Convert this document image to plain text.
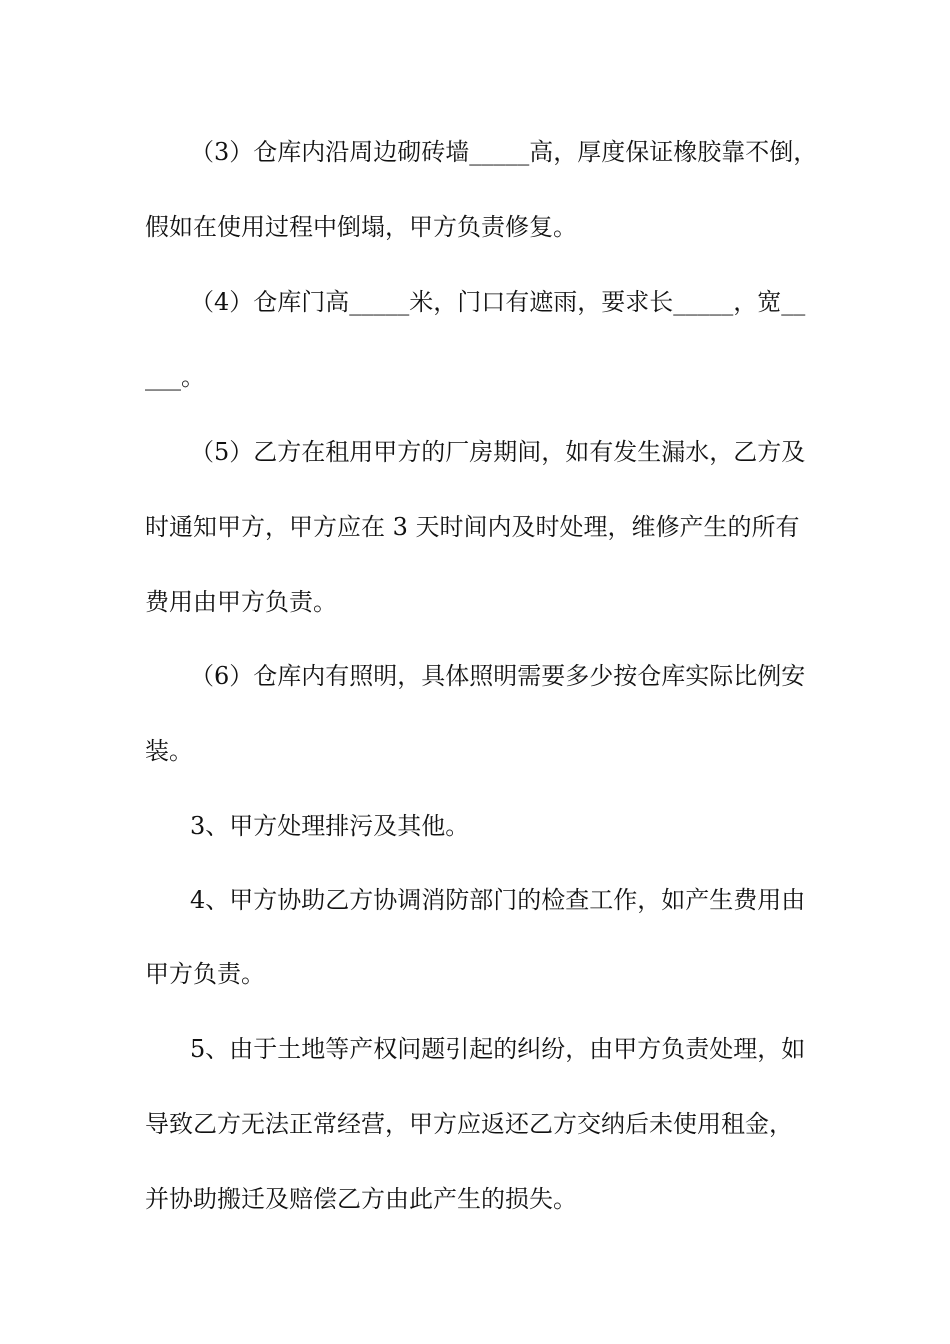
（3）仓库内沿周边砌砖墙_____高，厚度保证橡胶靠不倒，
假如在使用过程中倒塌，甲方负责修复。
（4）仓库门高_____米，门口有遮雨，要求长_____，宽__
___。
（5）乙方在租用甲方的厂房期间，如有发生漏水，乙方及
时通知甲方，甲方应在 3 天时间内及时处理，维修产生的所有
费用由甲方负责。
（6）仓库内有照明，具体照明需要多少按仓库实际比例安
装。
3、甲方处理排污及其他。
4、甲方协助乙方协调消防部门的检查工作，如产生费用由
甲方负责。
5、由于土地等产权问题引起的纠纷，由甲方负责处理，如
导致乙方无法正常经营，甲方应返还乙方交纳后未使用租金，
并协助搬迁及赔偿乙方由此产生的损失。
